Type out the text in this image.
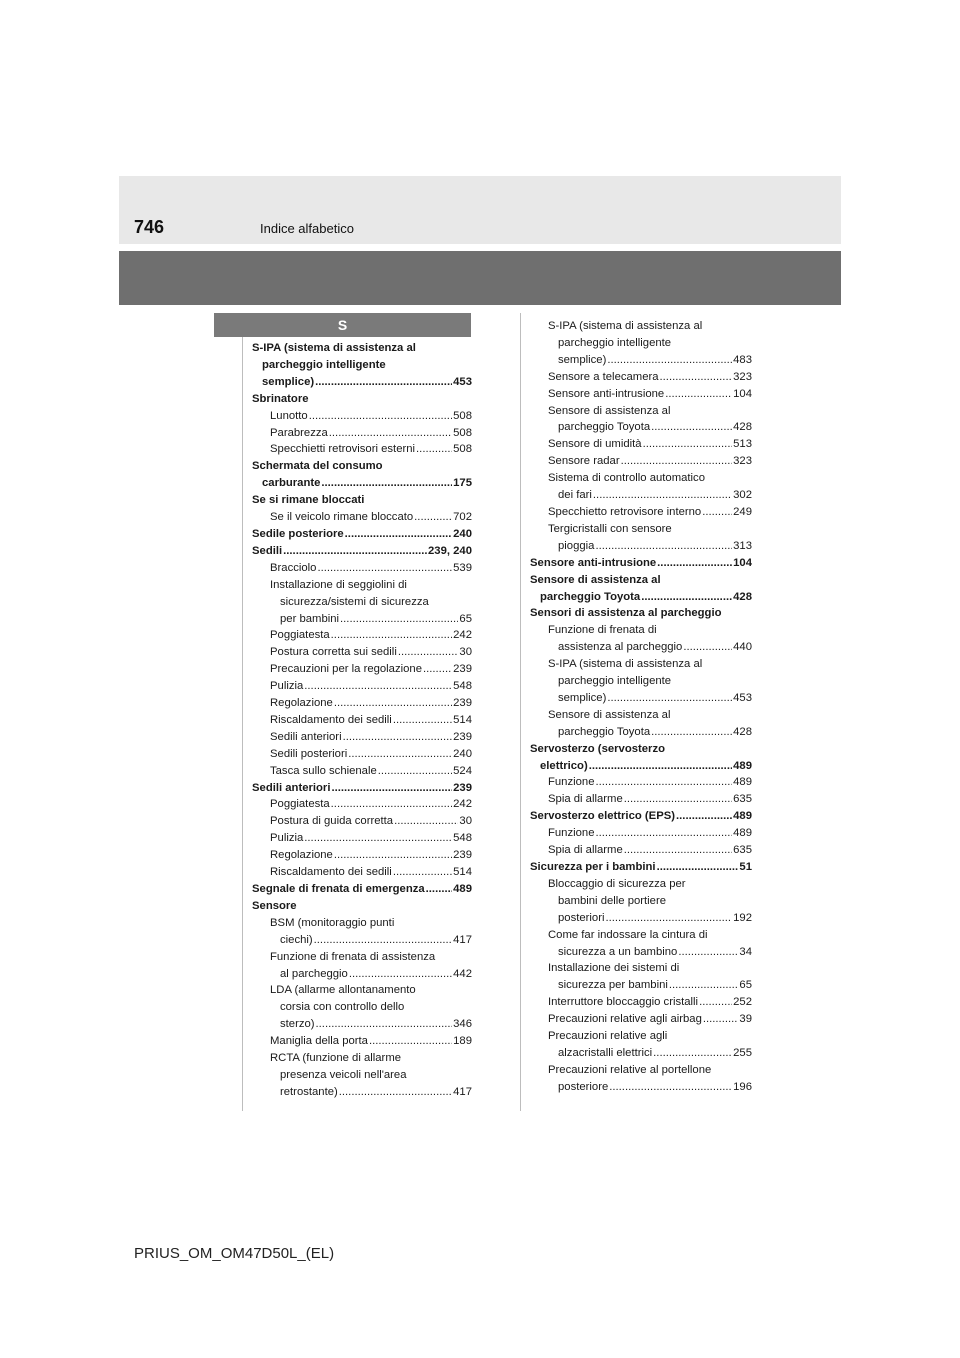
746	Indice alfabetico
S
S-IPA (sistema di assistenza al
parcheggio intelligente
semplice) .....	453
Sbrinatore
Lunotto .....	508
Parabrezza .....	508
Specchietti retrovisori esterni .....	508
Schermata del consumo
carburante .....	175
Se si rimane bloccati
Se il veicolo rimane bloccato .....	702
Sedile posteriore .....	240
Sedili .....	239, 240
Bracciolo .....	539
Installazione di seggiolini di
sicurezza/sistemi di sicurezza
per bambini .....	65
Poggiatesta .....	242
Postura corretta sui sedili .....	30
Precauzioni per la regolazione .....	239
Pulizia .....	548
Regolazione .....	239
Riscaldamento dei sedili .....	514
Sedili anteriori .....	239
Sedili posteriori .....	240
Tasca sullo schienale .....	524
Sedili anteriori .....	239
Poggiatesta .....	242
Postura di guida corretta .....	30
Pulizia .....	548
Regolazione .....	239
Riscaldamento dei sedili .....	514
Segnale di frenata di emergenza .....	489
Sensore
BSM (monitoraggio punti
ciechi) .....	417
Funzione di frenata di assistenza
al parcheggio .....	442
LDA (allarme allontanamento
corsia con controllo dello
sterzo) .....	346
Maniglia della porta .....	189
RCTA (funzione di allarme
presenza veicoli nell'area
retrostante) .....	417
S-IPA (sistema di assistenza al
parcheggio intelligente
semplice) .....	483
Sensore a telecamera .....	323
Sensore anti-intrusione .....	104
Sensore di assistenza al
parcheggio Toyota .....	428
Sensore di umidità .....	513
Sensore radar .....	323
Sistema di controllo automatico
dei fari .....	302
Specchietto retrovisore interno .....	249
Tergicristalli con sensore
pioggia .....	313
Sensore anti-intrusione .....	104
Sensore di assistenza al
parcheggio Toyota .....	428
Sensori di assistenza al parcheggio
Funzione di frenata di
assistenza al parcheggio .....	440
S-IPA (sistema di assistenza al
parcheggio intelligente
semplice) .....	453
Sensore di assistenza al
parcheggio Toyota .....	428
Servosterzo (servosterzo
elettrico) .....	489
Funzione .....	489
Spia di allarme .....	635
Servosterzo elettrico (EPS) .....	489
Funzione .....	489
Spia di allarme .....	635
Sicurezza per i bambini .....	51
Bloccaggio di sicurezza per
bambini delle portiere
posteriori .....	192
Come far indossare la cintura di
sicurezza a un bambino .....	34
Installazione dei sistemi di
sicurezza per bambini .....	65
Interruttore bloccaggio cristalli .....	252
Precauzioni relative agli airbag .....	39
Precauzioni relative agli
alzacristalli elettrici .....	255
Precauzioni relative al portellone
posteriore .....	196
PRIUS_OM_OM47D50L_(EL)
